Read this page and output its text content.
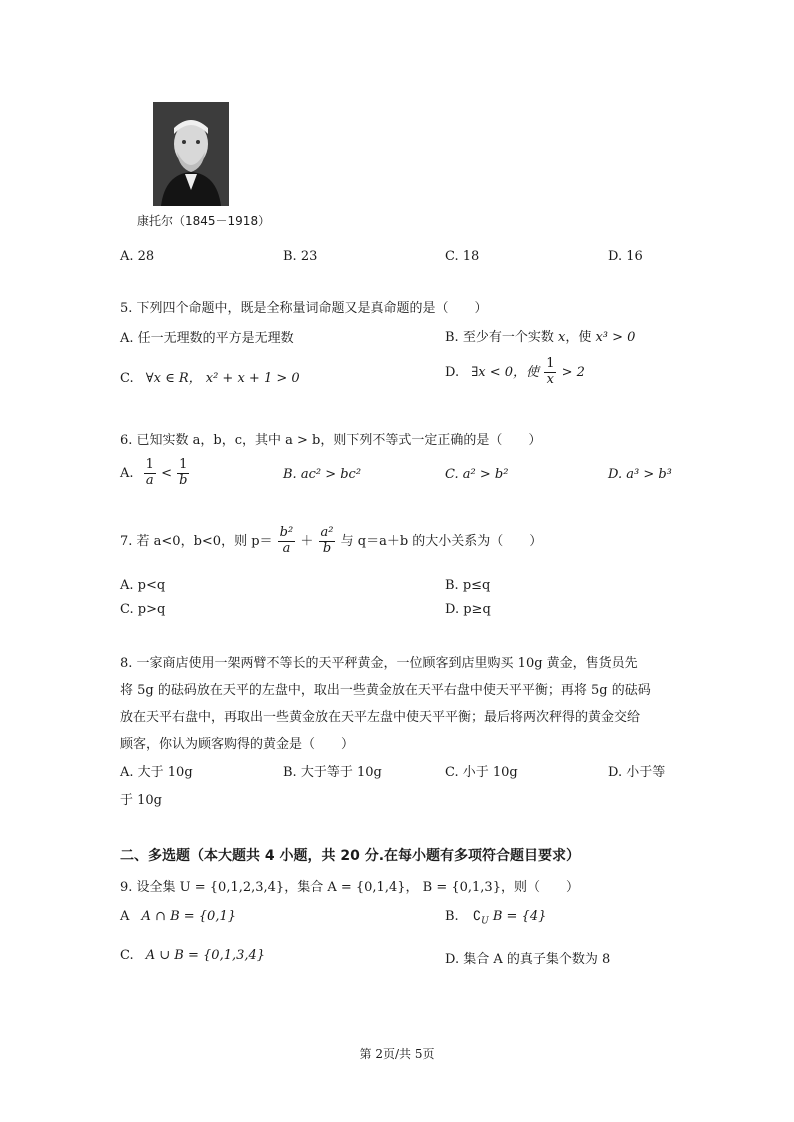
康托尔（1845－1918）
A. 28	B. 23	C. 18	D. 16
5. 下列四个命题中，既是全称量词命题又是真命题的是（　　）
A. 任一无理数的平方是无理数	B. 至少有一个实数 x，使 x³ > 0
C. ∀x ∈ R， x² + x + 1 > 0	D. ∃x < 0，使 $\frac{1}{x} > 2$
6. 已知实数 a，b，c，其中 a > b，则下列不等式一定正确的是（　　）
A. $\frac{1}{a} < \frac{1}{b}$	B. ac² > bc²	C. a² > b²	D. a³ > b³
7. 若 a<0，b<0，则 $p= \frac{\text{b²}}{a} + \frac{\text{a²}}{b}$ 与 q＝a＋b 的大小关系为（　　）
A. p<q	B. p≤q
C. p>q	D. p≥q
8. 一家商店使用一架两臂不等长的天平秤黄金，一位顾客到店里购买 10g 黄金，售货员先
将 5g 的砝码放在天平的左盘中，取出一些黄金放在天平右盘中使天平平衡；再将 5g 的砝码
放在天平右盘中，再取出一些黄金放在天平左盘中使天平平衡；最后将两次秤得的黄金交给
顾客，你认为顾客购得的黄金是（　　）
A. 大于 10g	B. 大于等于 10g	C. 小于 10g	D. 小于等
于 10g
二、多选题（本大题共 4 小题，共 20 分.在每小题有多项符合题目要求）
9. 设全集 U = {0,1,2,3,4}，集合 A = {0,1,4}， B = {0,1,3}，则（　　）
A A ∩ B = {0,1}	B. $∁_U$ B = {4}
C. A ∪ B = {0,1,3,4}	D. 集合 A 的真子集个数为 8
第 2页/共 5页
